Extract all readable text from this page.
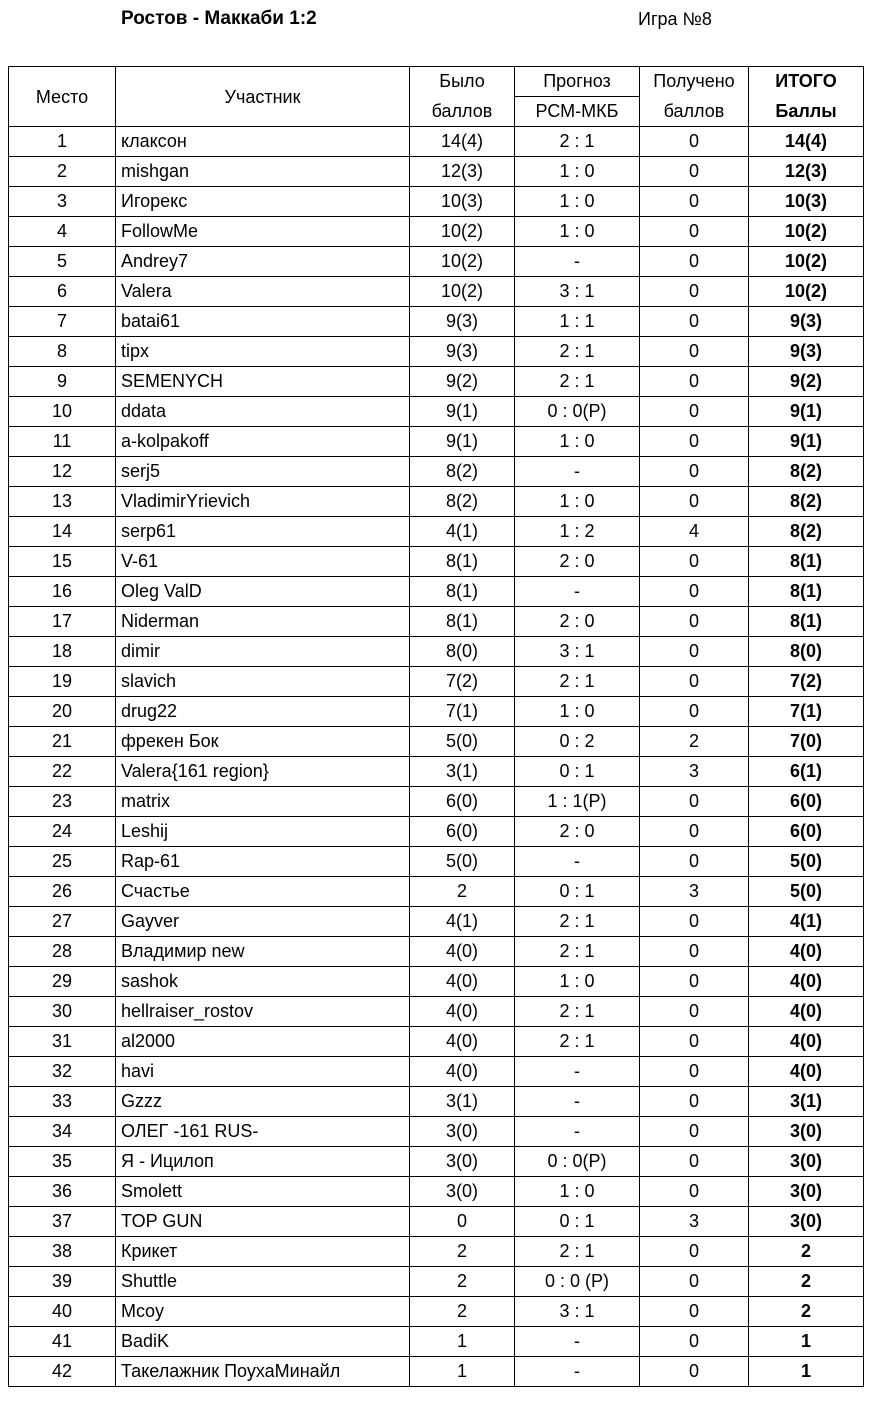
Ростов - Маккаби 1:2	Игра №8
Место	Участник	Было	Прогноз	Получено	ИТОГО
		баллов	РСМ-МКБ	баллов	Баллы
1	клаксон	14(4)	2 : 1	0	14(4)
2	mishgan	12(3)	1 : 0	0	12(3)
3	Игорекс	10(3)	1 : 0	0	10(3)
4	FollowMe	10(2)	1 : 0	0	10(2)
5	Andrey7	10(2)	-	0	10(2)
6	Valera	10(2)	3 : 1	0	10(2)
7	batai61	9(3)	1 : 1	0	9(3)
8	tipx	9(3)	2 : 1	0	9(3)
9	SEMENYCH	9(2)	2 : 1	0	9(2)
10	ddata	9(1)	0 : 0(P)	0	9(1)
11	a-kolpakoff	9(1)	1 : 0	0	9(1)
12	serj5	8(2)	-	0	8(2)
13	VladimirYrievich	8(2)	1 : 0	0	8(2)
14	serp61	4(1)	1 : 2	4	8(2)
15	V-61	8(1)	2 : 0	0	8(1)
16	Oleg ValD	8(1)	-	0	8(1)
17	Niderman	8(1)	2 : 0	0	8(1)
18	dimir	8(0)	3 : 1	0	8(0)
19	slavich	7(2)	2 : 1	0	7(2)
20	drug22	7(1)	1 : 0	0	7(1)
21	фрекен Бок	5(0)	0 : 2	2	7(0)
22	Valera{161 region}	3(1)	0 : 1	3	6(1)
23	matrix	6(0)	1 : 1(P)	0	6(0)
24	Leshij	6(0)	2 : 0	0	6(0)
25	Rap-61	5(0)	-	0	5(0)
26	Счастье	2	0 : 1	3	5(0)
27	Gayver	4(1)	2 : 1	0	4(1)
28	Владимир new	4(0)	2 : 1	0	4(0)
29	sashok	4(0)	1 : 0	0	4(0)
30	hellraiser_rostov	4(0)	2 : 1	0	4(0)
31	al2000	4(0)	2 : 1	0	4(0)
32	havi	4(0)	-	0	4(0)
33	Gzzz	3(1)	-	0	3(1)
34	ОЛЕГ -161 RUS-	3(0)	-	0	3(0)
35	Я - Ицилоп	3(0)	0 : 0(P)	0	3(0)
36	Smolett	3(0)	1 : 0	0	3(0)
37	TOP GUN	0	0 : 1	3	3(0)
38	Крикет	2	2 : 1	0	2
39	Shuttle	2	0 : 0 (P)	0	2
40	Mcoy	2	3 : 1	0	2
41	BadiK	1	-	0	1
42	Такелажник ПоухаМинайл	1	-	0	1
